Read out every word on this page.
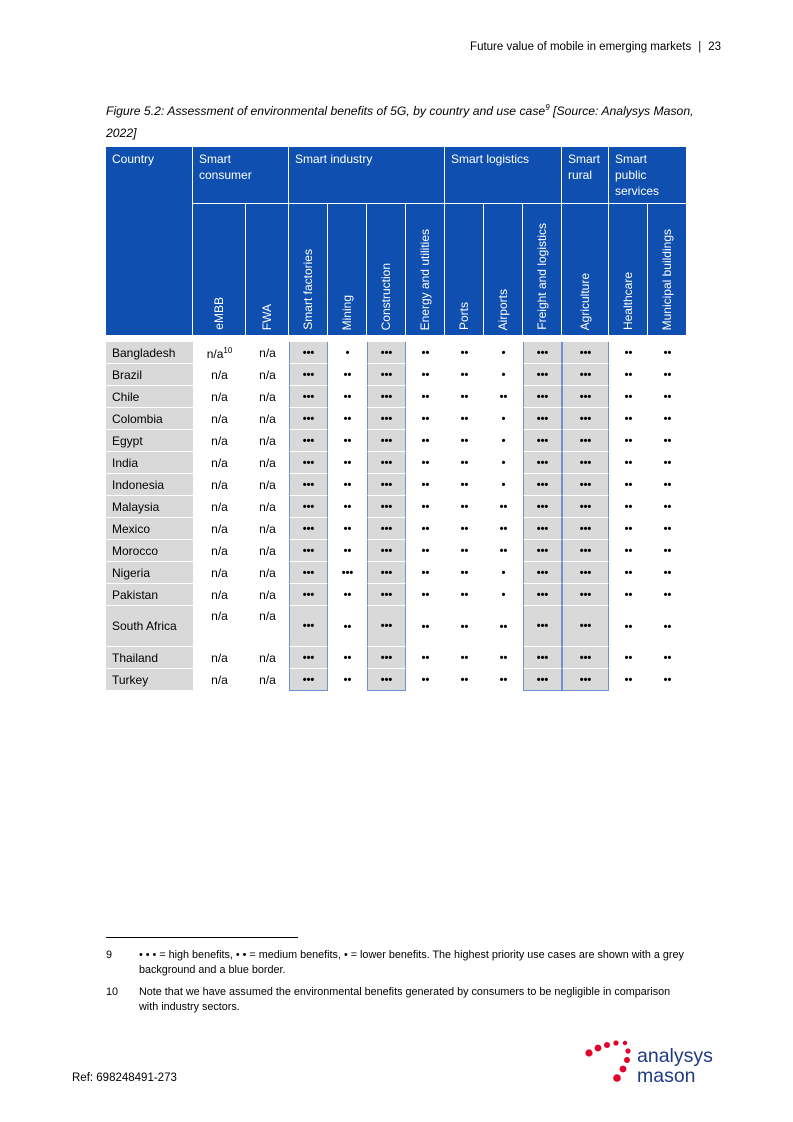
Future value of mobile in emerging markets | 23
Figure 5.2: Assessment of environmental benefits of 5G, by country and use case$^9$ [Source: Analysys Mason, 2022]
Country	Smart consumer		Smart industry				Smart logistics			Smart rural	Smart public services	

	eMBB	FWA	Smart factories	Mining	Construction	Energy and utilities	Ports	Airports	Freight and logistics	Agriculture	Healthcare	Municipal buildings

Bangladesh	$n/a^{10}$	n/a	•••	•	•••	••	••	•	•••	•••	••	••
Brazil	n/a	n/a	•••	••	•••	••	••	•	•••	•••	••	••
Chile	n/a	n/a	•••	••	•••	••	••	••	•••	•••	••	••
Colombia	n/a	n/a	•••	••	•••	••	••	•	•••	•••	••	••
Egypt	n/a	n/a	•••	••	•••	••	••	•	•••	•••	••	••
India	n/a	n/a	•••	••	•••	••	••	•	•••	•••	••	••
Indonesia	n/a	n/a	•••	••	•••	••	••	•	•••	•••	••	••
Malaysia	n/a	n/a	•••	••	•••	••	••	••	•••	•••	••	••
Mexico	n/a	n/a	•••	••	•••	••	••	••	•••	•••	••	••
Morocco	n/a	n/a	•••	••	•••	••	••	••	•••	•••	••	••
Nigeria	n/a	n/a	•••	•••	•••	••	••	•	•••	•••	••	••
Pakistan	n/a	n/a	•••	••	•••	••	••	•	•••	•••	••	••
South Africa	n/a	n/a	•••	••	•••	••	••	••	•••	•••	••	••
Thailand	n/a	n/a	•••	••	•••	••	••	••	•••	•••	••	••
Turkey	n/a	n/a	•••	••	•••	••	••	••	•••	•••	••	••
9 • • • = high benefits, • • = medium benefits, • = lower benefits. The highest priority use cases are shown with a grey background and a blue border.
10 Note that we have assumed the environmental benefits generated by consumers to be negligible in comparison with industry sectors.
Ref: 698248491-273
analysys
mason
